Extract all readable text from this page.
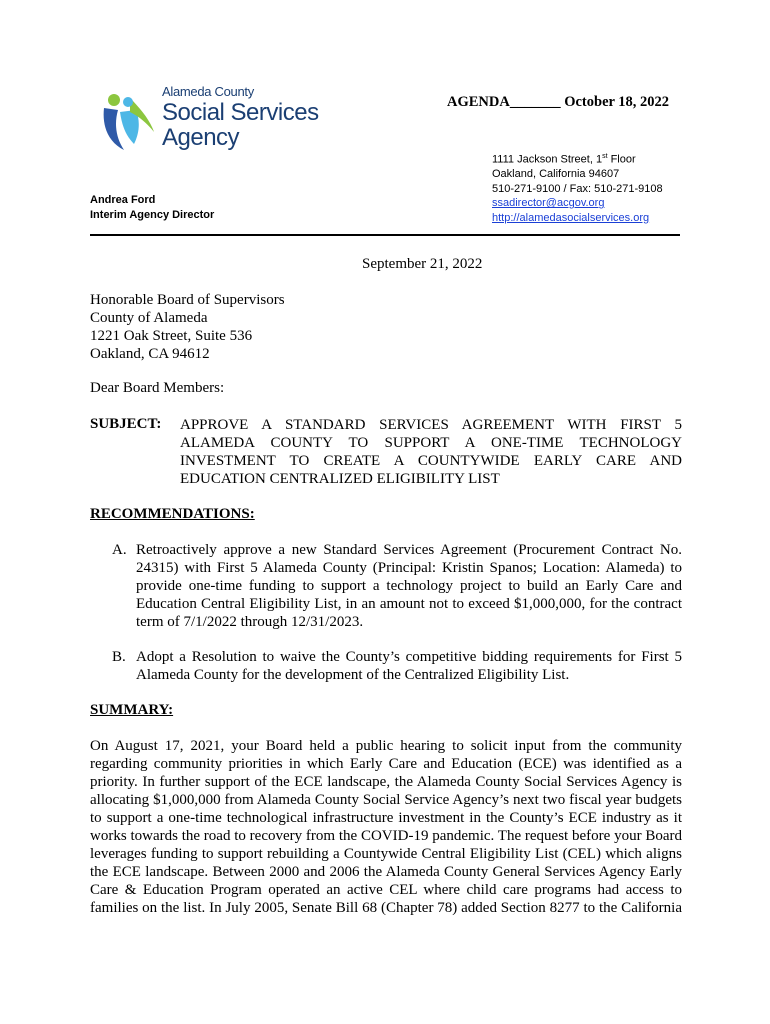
Alameda County
Social Services
Agency
AGENDA_______ October 18, 2022
1111 Jackson Street, 1st Floor
Oakland, California 94607
510-271-9100 / Fax: 510-271-9108
ssadirector@acgov.org
http://alamedasocialservices.org
Andrea Ford
Interim Agency Director
September 21, 2022
Honorable Board of Supervisors
County of Alameda
1221 Oak Street, Suite 536
Oakland, CA 94612
Dear Board Members:
SUBJECT: APPROVE A STANDARD SERVICES AGREEMENT WITH FIRST 5
ALAMEDA COUNTY TO SUPPORT A ONE-TIME TECHNOLOGY
INVESTMENT TO CREATE A COUNTYWIDE EARLY CARE AND
EDUCATION CENTRALIZED ELIGIBILITY LIST
RECOMMENDATIONS:
A. Retroactively approve a new Standard Services Agreement (Procurement Contract No.
24315) with First 5 Alameda County (Principal: Kristin Spanos; Location: Alameda) to
provide one-time funding to support a technology project to build an Early Care and
Education Central Eligibility List, in an amount not to exceed $1,000,000, for the contract
term of 7/1/2022 through 12/31/2023.
B. Adopt a Resolution to waive the County’s competitive bidding requirements for First 5
Alameda County for the development of the Centralized Eligibility List.
SUMMARY:
On August 17, 2021, your Board held a public hearing to solicit input from the community
regarding community priorities in which Early Care and Education (ECE) was identified as a
priority. In further support of the ECE landscape, the Alameda County Social Services Agency is
allocating $1,000,000 from Alameda County Social Service Agency’s next two fiscal year budgets
to support a one-time technological infrastructure investment in the County’s ECE industry as it
works towards the road to recovery from the COVID-19 pandemic. The request before your Board
leverages funding to support rebuilding a Countywide Central Eligibility List (CEL) which aligns
the ECE landscape. Between 2000 and 2006 the Alameda County General Services Agency Early
Care & Education Program operated an active CEL where child care programs had access to
families on the list. In July 2005, Senate Bill 68 (Chapter 78) added Section 8277 to the California
